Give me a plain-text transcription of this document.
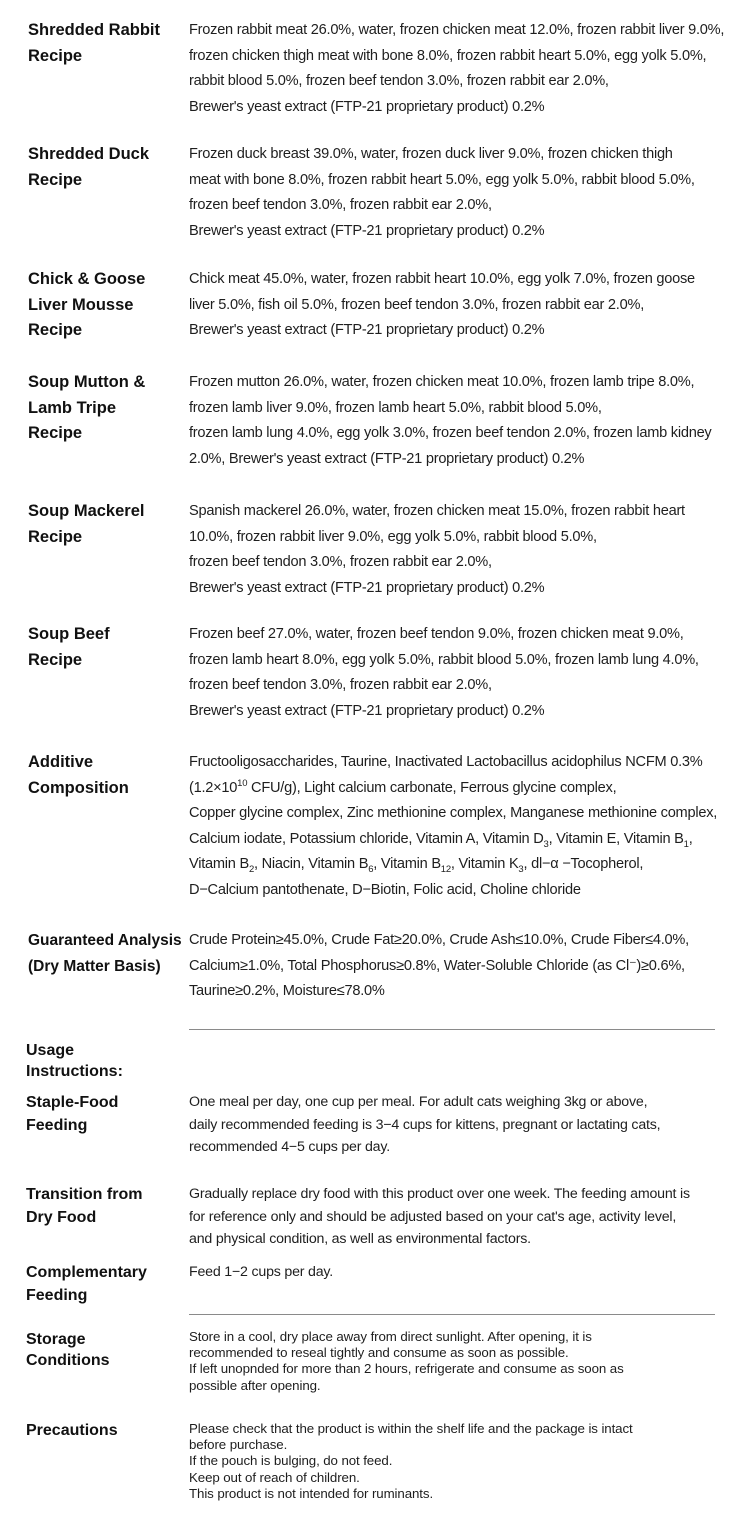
Shredded Rabbit
Recipe
Frozen rabbit meat 26.0%, water, frozen chicken meat 12.0%, frozen rabbit liver 9.0%,
frozen chicken thigh meat with bone 8.0%, frozen rabbit heart 5.0%, egg yolk 5.0%,
rabbit blood 5.0%, frozen beef tendon 3.0%, frozen rabbit ear 2.0%,
Brewer's yeast extract (FTP-21 proprietary product) 0.2%
Shredded Duck
Recipe
Frozen duck breast 39.0%, water, frozen duck liver 9.0%, frozen chicken thigh
meat with bone 8.0%, frozen rabbit heart 5.0%, egg yolk 5.0%, rabbit blood 5.0%,
frozen beef tendon 3.0%, frozen rabbit ear 2.0%,
Brewer's yeast extract (FTP-21 proprietary product) 0.2%
Chick & Goose
Liver Mousse
Recipe
Chick meat 45.0%, water, frozen rabbit heart 10.0%, egg yolk 7.0%, frozen goose
liver 5.0%, fish oil 5.0%, frozen beef tendon 3.0%, frozen rabbit ear 2.0%,
Brewer's yeast extract (FTP-21 proprietary product) 0.2%
Soup Mutton &
Lamb Tripe
Recipe
Frozen mutton 26.0%, water, frozen chicken meat 10.0%, frozen lamb tripe 8.0%,
frozen lamb liver 9.0%, frozen lamb heart 5.0%, rabbit blood 5.0%,
frozen lamb lung 4.0%, egg yolk 3.0%, frozen beef tendon 2.0%, frozen lamb kidney
2.0%, Brewer's yeast extract (FTP-21 proprietary product) 0.2%
Soup Mackerel
Recipe
Spanish mackerel 26.0%, water, frozen chicken meat 15.0%, frozen rabbit heart
10.0%, frozen rabbit liver 9.0%, egg yolk 5.0%, rabbit blood 5.0%,
frozen beef tendon 3.0%, frozen rabbit ear 2.0%,
Brewer's yeast extract (FTP-21 proprietary product) 0.2%
Soup Beef
Recipe
Frozen beef 27.0%, water, frozen beef tendon 9.0%, frozen chicken meat 9.0%,
frozen lamb heart 8.0%, egg yolk 5.0%, rabbit blood 5.0%, frozen lamb lung 4.0%,
frozen beef tendon 3.0%, frozen rabbit ear 2.0%,
Brewer's yeast extract (FTP-21 proprietary product) 0.2%
Additive
Composition
Fructooligosaccharides, Taurine, Inactivated Lactobacillus acidophilus NCFM 0.3%
($1.2\times 10^{10}$ CFU/g), Light calcium carbonate, Ferrous glycine complex,
Copper glycine complex, Zinc methionine complex, Manganese methionine complex,
Calcium iodate, Potassium chloride, Vitamin A, Vitamin $D_3$, Vitamin E, Vitamin $B_1$,
Vitamin $B_2$, Niacin, Vitamin $B_6$, Vitamin $B_{12}$, Vitamin $K_3$, dl−α −Tocopherol,
D−Calcium pantothenate, D−Biotin, Folic acid, Choline chloride
Guaranteed Analysis
(Dry Matter Basis)
Crude Protein≥45.0%, Crude Fat≥20.0%, Crude Ash≤10.0%, Crude Fiber≤4.0%,
Calcium≥1.0%, Total Phosphorus≥0.8%, Water-Soluble Chloride (as Cl⁻)≥0.6%,
Taurine≥0.2%, Moisture≤78.0%
Usage
Instructions:
Staple-Food
Feeding
One meal per day, one cup per meal. For adult cats weighing 3kg or above,
daily recommended feeding is 3−4 cups for kittens, pregnant or lactating cats,
recommended 4−5 cups per day.
Transition from
Dry Food
Gradually replace dry food with this product over one week. The feeding amount is
for reference only and should be adjusted based on your cat's age, activity level,
and physical condition, as well as environmental factors.
Complementary
Feeding
Feed 1−2 cups per day.
Storage
Conditions
Store in a cool, dry place away from direct sunlight. After opening, it is
recommended to reseal tightly and consume as soon as possible.
If left unopnded for more than 2 hours, refrigerate and consume as soon as
possible after opening.
Precautions	Please check that the product is within the shelf life and the package is intact
before purchase.
If the pouch is bulging, do not feed.
Keep out of reach of children.
This product is not intended for ruminants.
